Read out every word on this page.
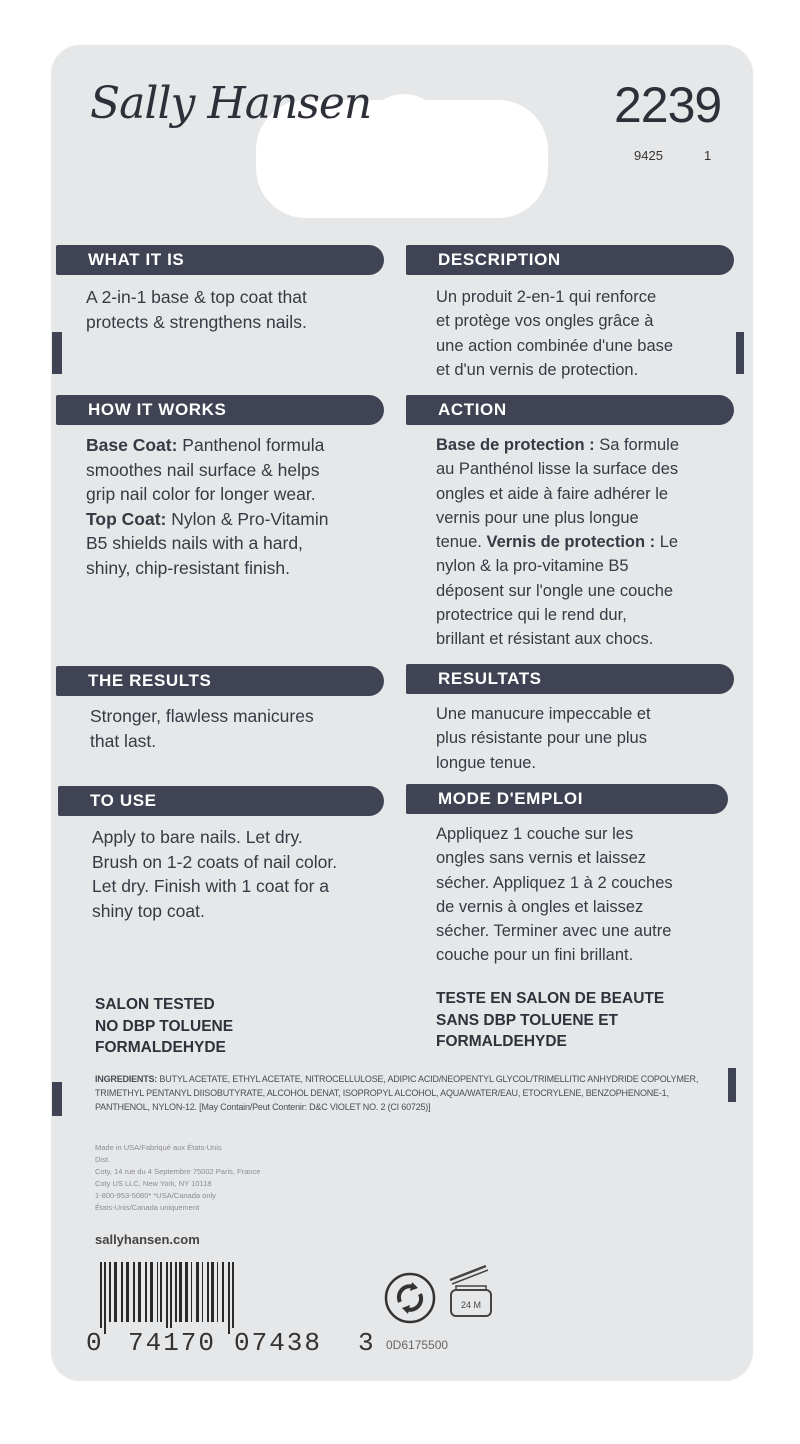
Sally Hansen	2239
9425	1
WHAT IT IS
A 2-in-1 base & top coat that
protects & strengthens nails.
DESCRIPTION
Un produit 2-en-1 qui renforce
et protège vos ongles grâce à
une action combinée d'une base
et d'un vernis de protection.
HOW IT WORKS
Base Coat: Panthenol formula
smoothes nail surface & helps
grip nail color for longer wear.
Top Coat: Nylon & Pro-Vitamin
B5 shields nails with a hard,
shiny, chip-resistant finish.
ACTION
Base de protection : Sa formule
au Panthénol lisse la surface des
ongles et aide à faire adhérer le
vernis pour une plus longue
tenue. Vernis de protection : Le
nylon & la pro-vitamine B5
déposent sur l'ongle une couche
protectrice qui le rend dur,
brillant et résistant aux chocs.
THE RESULTS
Stronger, flawless manicures
that last.
RESULTATS
Une manucure impeccable et
plus résistante pour une plus
longue tenue.
TO USE
Apply to bare nails. Let dry.
Brush on 1-2 coats of nail color.
Let dry. Finish with 1 coat for a
shiny top coat.
MODE D'EMPLOI
Appliquez 1 couche sur les
ongles sans vernis et laissez
sécher. Appliquez 1 à 2 couches
de vernis à ongles et laissez
sécher. Terminer avec une autre
couche pour un fini brillant.
SALON TESTED
NO DBP TOLUENE
FORMALDEHYDE
TESTE EN SALON DE BEAUTE
SANS DBP TOLUENE ET
FORMALDEHYDE
INGREDIENTS: BUTYL ACETATE, ETHYL ACETATE, NITROCELLULOSE, ADIPIC ACID/NEOPENTYL GLYCOL/TRIMELLITIC ANHYDRIDE COPOLYMER, TRIMETHYL PENTANYL DIISOBUTYRATE, ALCOHOL DENAT, ISOPROPYL ALCOHOL, AQUA/WATER/EAU, ETOCRYLENE, BENZOPHENONE-1, PANTHENOL, NYLON-12. [May Contain/Peut Contenir: D&C VIOLET NO. 2 (CI 60725)]
Made in USA/Fabriqué aux États-Unis
Dist.
Coty, 14 rue du 4 Septembre 75002 Paris, France
Coty US LLC, New York, NY 10118
1-800-953-5080* *USA/Canada only
États-Unis/Canada uniquement
sallyhansen.com
0 74170 07438 3 0D6175500
24 M
